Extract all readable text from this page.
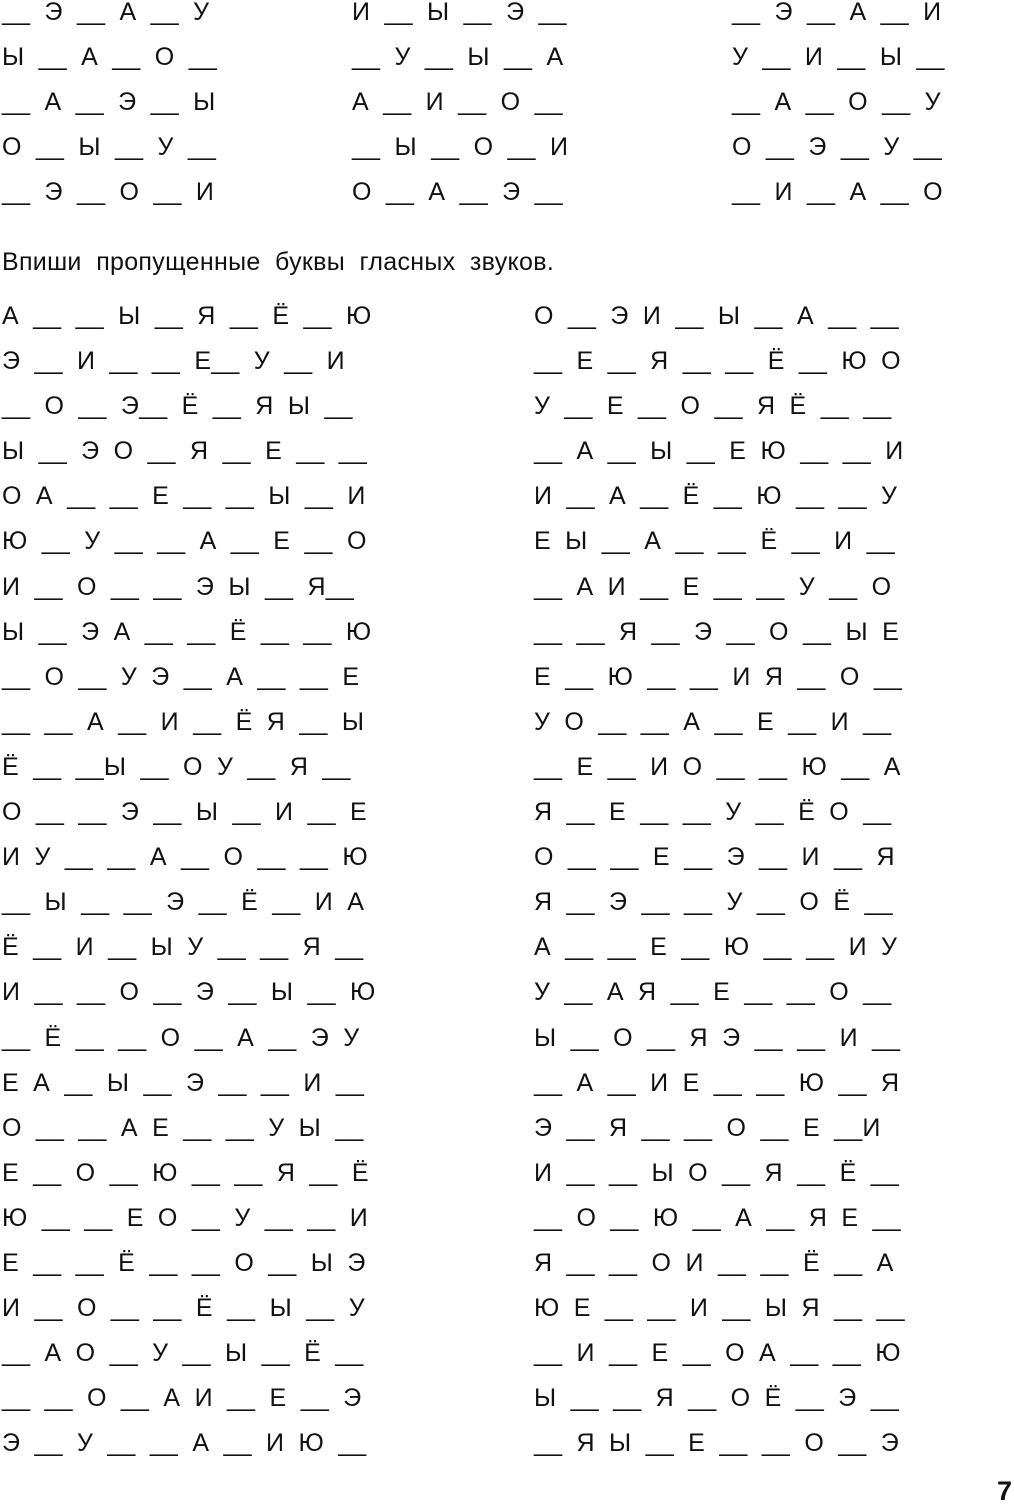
__  Э  __  А  __  У
Ы  __  А  __  О  __
__  А  __  Э  __  Ы
О  __  Ы  __  У  __
__  Э  __  О  __  И
И  __  Ы  __  Э  __
__  У  __  Ы  __  А
А  __  И  __  О  __
__  Ы  __  О  __  И
О  __  А  __  Э  __
__  Э  __  А  __  И
У  __  И  __  Ы  __
__  А  __  О  __  У
О  __  Э  __  У  __
__  И  __  А  __  О
Впиши  пропущенные  буквы  гласных  звуков.
А  __  __  Ы  __  Я  __  Ё  __  Ю
Э  __  И  __  __  Е__  У  __  И
__  О  __  Э__  Ё  __  Я  Ы  __
Ы  __  Э  О  __  Я  __  Е  __  __
О  А  __  __  Е  __  __  Ы  __  И
Ю  __  У  __  __  А  __  Е  __  О
И  __  О  __  __  Э  Ы  __  Я__
Ы  __  Э  А  __  __  Ё  __  __  Ю
__  О  __  У  Э  __  А  __  __  Е
__  __  А  __  И  __  Ё  Я  __  Ы
Ё  __  __Ы  __  О  У  __  Я  __
О  __  __  Э  __  Ы  __  И  __  Е
И  У  __  __  А  __  О  __  __  Ю
__  Ы  __  __  Э  __  Ё  __  И  А
Ё  __  И  __  Ы  У  __  __  Я  __
И  __  __  О  __  Э  __  Ы  __  Ю
__  Ё  __  __  О  __  А  __  Э  У
Е  А  __  Ы  __  Э  __  __  И  __
О  __  __  А  Е  __  __  У  Ы  __
Е  __  О  __  Ю  __  __  Я  __  Ё
Ю  __  __  Е  О  __  У  __  __  И
Е  __  __  Ё  __  __  О  __  Ы  Э
И  __  О  __  __  Ё  __  Ы  __  У
__  А  О  __  У  __  Ы  __  Ё  __
__  __  О  __  А  И  __  Е  __  Э
Э  __  У  __  __  А  __  И  Ю  __
О  __  Э  И  __  Ы  __  А  __  __
__  Е  __  Я  __  __  Ё  __  Ю  О
У  __  Е  __  О  __  Я  Ё  __  __
__  А  __  Ы  __  Е  Ю  __  __  И
И  __  А  __  Ё  __  Ю  __  __  У
Е  Ы  __  А  __  __  Ё  __  И  __
__  А  И  __  Е  __  __  У  __  О
__  __  Я  __  Э  __  О  __  Ы  Е
Е  __  Ю  __  __  И  Я  __  О  __
У  О  __  __  А  __  Е  __  И  __
__  Е  __  И  О  __  __  Ю  __  А
Я  __  Е  __  __  У  __  Ё  О  __
О  __  __  Е  __  Э  __  И  __  Я
Я  __  Э  __  __  У  __  О  Ё  __
А  __  __  Е  __  Ю  __  __  И  У
У  __  А  Я  __  Е  __  __  О  __
Ы  __  О  __  Я  Э  __  __  И  __
__  А  __  И  Е  __  __  Ю  __  Я
Э  __  Я  __  __  О  __  Е  __И
И  __  __  Ы  О  __  Я  __  Ё  __
__  О  __  Ю  __  А  __  Я  Е  __
Я  __  __  О  И  __  __  Ё  __  А
Ю  Е  __  __  И  __  Ы  Я  __  __
__  И  __  Е  __  О  А  __  __  Ю
Ы  __  __  Я  __  О  Ё  __  Э  __
__  Я  Ы  __  Е  __  __  О  __  Э
7
